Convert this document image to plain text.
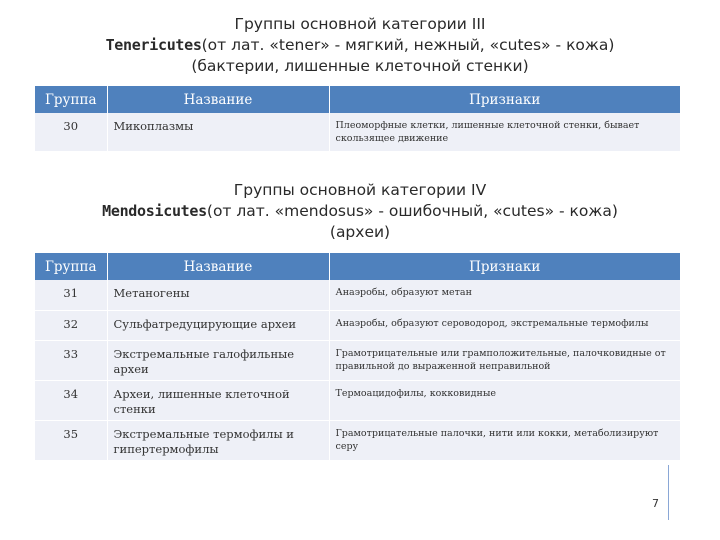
Группы основной категории III
Tenericutes(от лат. «tener» - мягкий, нежный, «cutes» - кожа)
(бактерии, лишенные клеточной стенки)
Группа	Название	Признаки
30	Микоплазмы	Плеоморфные клетки, лишенные клеточной стенки, бывает скользящее движение
Группы основной категории IV
Mendosicutes(от лат. «mendosus» - ошибочный, «cutes» - кожа)
(археи)
Группа	Название	Признаки
31	Метаногены	Анаэробы, образуют метан
32	Сульфатредуцирующие археи	Анаэробы, образуют сероводород, экстремальные термофилы
33	Экстремальные галофильные археи	Грамотрицательные или грамположительные, палочковидные от правильной до выраженной неправильной
34	Археи, лишенные клеточной стенки	Термоацидофилы, кокковидные
35	Экстремальные термофилы и гипертермофилы	Грамотрицательные палочки, нити или кокки, метаболизируют серу
7
